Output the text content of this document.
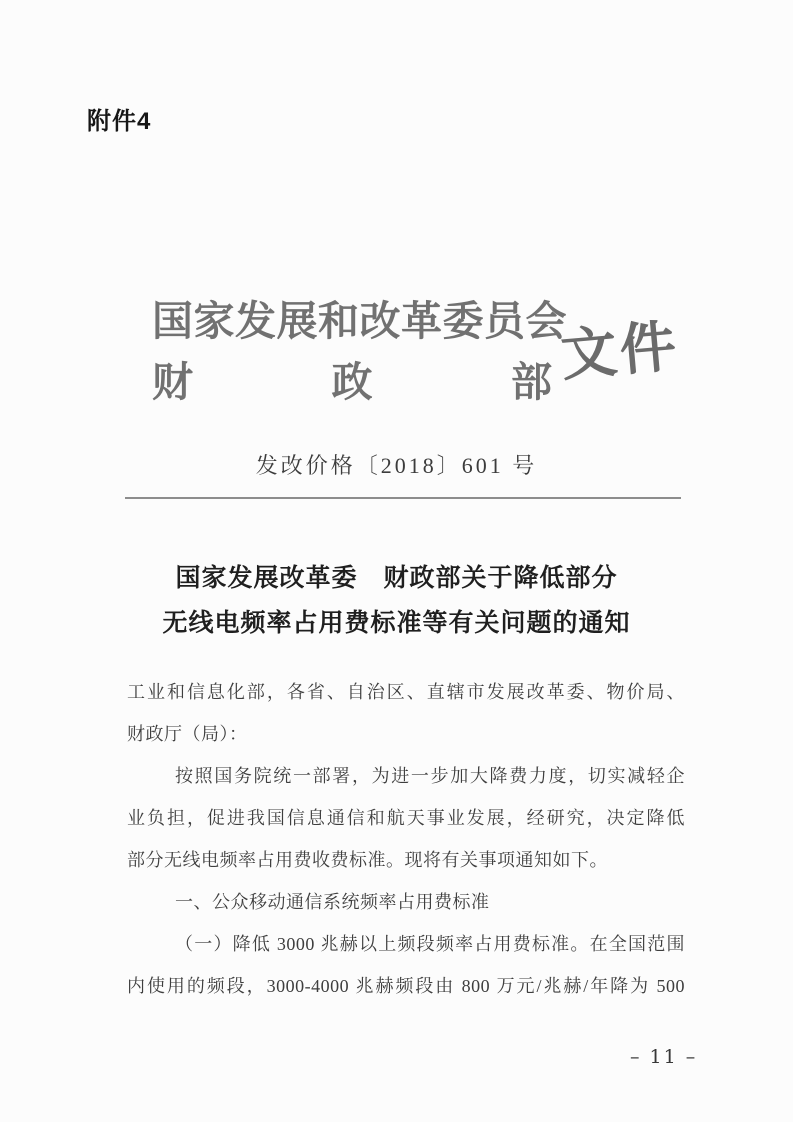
附件4
国家发展和改革委员会
财	政	部 文件
发改价格〔2018〕601 号
国家发展改革委　财政部关于降低部分
无线电频率占用费标准等有关问题的通知
工业和信息化部，各省、自治区、直辖市发展改革委、物价局、
财政厅（局）：
按照国务院统一部署，为进一步加大降费力度，切实减轻企
业负担，促进我国信息通信和航天事业发展，经研究，决定降低
部分无线电频率占用费收费标准。现将有关事项通知如下。
一、公众移动通信系统频率占用费标准
（一）降低 3000 兆赫以上频段频率占用费标准。在全国范围
内使用的频段，3000-4000 兆赫频段由 800 万元/兆赫/年降为 500
– 11 –
